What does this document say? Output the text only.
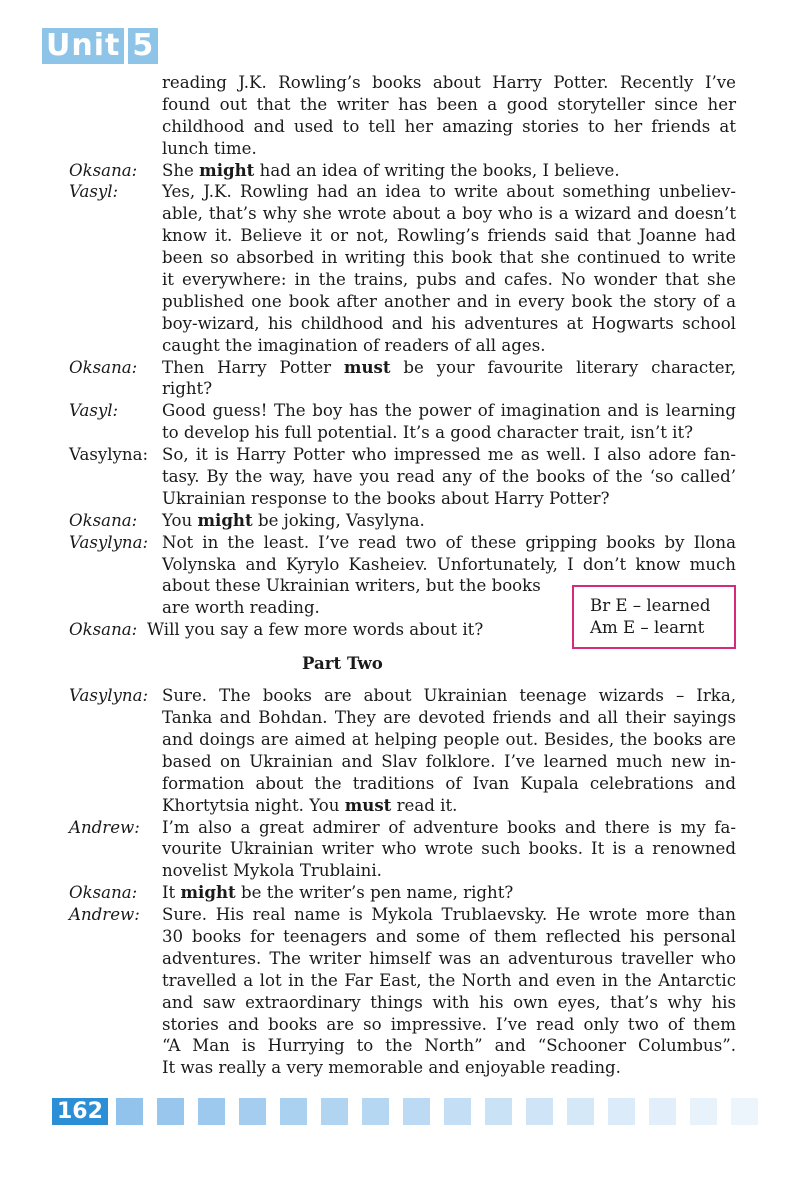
Unit 5
reading J.K. Rowling’s books about Harry Potter. Recently I’ve
found out that the writer has been a good storyteller since her
childhood and used to tell her amazing stories to her friends at
lunch time.
Oksana: She might had an idea of writing the books, I believe.
Vasyl:	Yes, J.K. Rowling had an idea to write about something unbeliev-
able, that’s why she wrote about a boy who is a wizard and doesn’t
know it. Believe it or not, Rowling’s friends said that Joanne had
been so absorbed in writing this book that she continued to write
it everywhere: in the trains, pubs and cafes. No wonder that she
published one book after another and in every book the story of a
boy-wizard, his childhood and his adventures at Hogwarts school
caught the imagination of readers of all ages.
Oksana: Then Harry Potter must be your favourite literary character,
right?
Vasyl:	Good guess! The boy has the power of imagination and is learning
to develop his full potential. It’s a good character trait, isn’t it?
Vasylyna: So, it is Harry Potter who impressed me as well. I also adore fan-
tasy. By the way, have you read any of the books of the ‘so called’
Ukrainian response to the books about Harry Potter?
Oksana: You might be joking, Vasylyna.
Vasylyna: Not in the least. I’ve read two of these gripping books by Ilona
Volynska and Kyrylo Kasheiev. Unfortunately, I don’t know much
about these Ukrainian writers, but the books
are worth reading.
Oksana: Will you say a few more words about it?
Part Two
Vasylyna: Sure. The books are about Ukrainian teenage wizards – Irka,
Tanka and Bohdan. They are devoted friends and all their sayings
and doings are aimed at helping people out. Besides, the books are
based on Ukrainian and Slav folklore. I’ve learned much new in-
formation about the traditions of Ivan Kupala celebrations and
Khortytsia night. You must read it.
Andrew: I’m also a great admirer of adventure books and there is my fa-
vourite Ukrainian writer who wrote such books. It is a renowned
novelist Mykola Trublaini.
Oksana: It might be the writer’s pen name, right?
Andrew: Sure. His real name is Mykola Trublaevsky. He wrote more than
30 books for teenagers and some of them reflected his personal
adventures. The writer himself was an adventurous traveller who
travelled a lot in the Far East, the North and even in the Antarctic
and saw extraordinary things with his own eyes, that’s why his
stories and books are so impressive. I’ve read only two of them
“A Man is Hurrying to the North” and “Schooner Columbus”.
It was really a very memorable and enjoyable reading.
Br E – learned
Am E – learnt
162
